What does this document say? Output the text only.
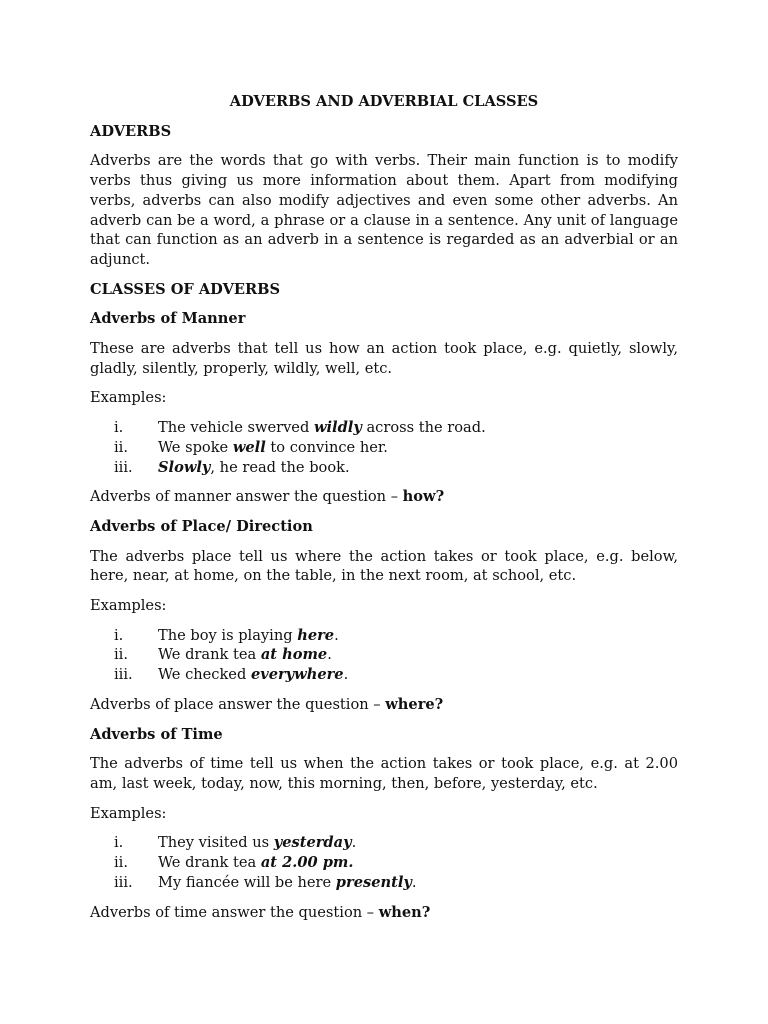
ADVERBS AND ADVERBIAL CLASSES
ADVERBS

Adverbs are the words that go with verbs. Their main function is to modify verbs thus giving us more information about them. Apart from modifying verbs, adverbs can also modify adjectives and even some other adverbs. An adverb can be a word, a phrase or a clause in a sentence. Any unit of language that can function as an adverb in a sentence is regarded as an adverbial or an adjunct.

CLASSES OF ADVERBS
Adverbs of Manner

These are adverbs that tell us how an action took place, e.g. quietly, slowly, gladly, silently, properly, wildly, well, etc.

Examples:

i.	The vehicle swerved wildly across the road.
ii.	We spoke well to convince her.
iii.	Slowly, he read the book.

Adverbs of manner answer the question – how?

Adverbs of Place/ Direction

The adverbs place tell us where the action takes or took place, e.g. below, here, near, at home, on the table, in the next room, at school, etc.

Examples:

i.	The boy is playing here.
ii.	We drank tea at home.
iii.	We checked everywhere.

Adverbs of place answer the question – where?

Adverbs of Time

The adverbs of time tell us when the action takes or took place, e.g. at 2.00 am, last week, today, now, this morning, then, before, yesterday, etc.

Examples:

i.	They visited us yesterday.
ii.	We drank tea at 2.00 pm.
iii.	My fiancée will be here presently.

Adverbs of time answer the question – when?
